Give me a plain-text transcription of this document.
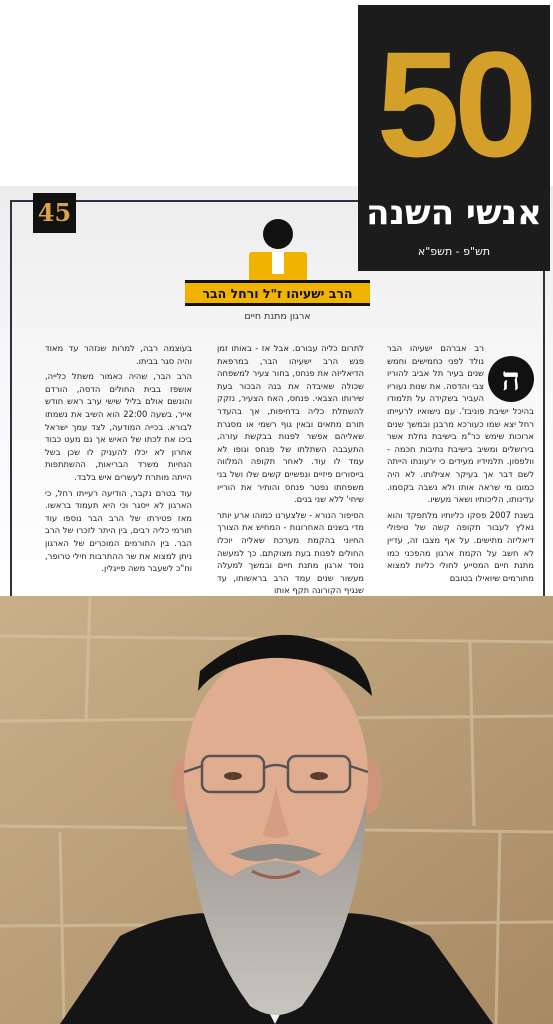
45
50
אנשי השנה
תש"פ - תשפ"א
הרב ישעיהו ז"ל ורחל הבר
ארגון מתנת חיים
ה

רב אברהם ישעיהו הבר נולד לפני כחמישים וחמש שנים בעיר תל אביב להוריו צבי והדסה. את שנות נעוריו העביר בשקידה על תלמודו בהיכל ישיבת פוניבז'. עם נישואיו לרעייתו רחל יצא שמו כעורכא מרבנן ובמשך שנים ארוכות שימש כר"מ בישיבת נחלת אשר בירושלים ומשיב בישיבת נתיבות חכמה - וולפסון. תלמידיו מעידים כי ירעונתו הייתה לשם דבר אך בעיקר אצילותו. לא היה כמונו מי שראה אותו ולא נשבה בקסמו. עדינותו, הליכותיו ושאר מעשיו.

בשנת 2007 פסקו כליותיו מלתפקד והוא נאלץ לעבור תקופה קשה של טיפולי דיאליזה מתישים. על אף מצבו זה, עדיין לא חשב על הקמת ארגון מהפכני כמו מתנת חיים המסייע לחולי כליות למצוא מתורמים שיואילו בטובם

לתרום כליה עבורם. אבל אז - באותו זמן פגש הרב ישעיהו הבר, במרפאת הדיאליזה את פנחס, בחור צעיר למשפחה שכולה שאיבדה את בנה הבכור בעת שירותו הצבאי. פנחס, האח הצעיר, נזקק להשתלת כליה בדחיפות, אך בהעדר תורם מתאים ובאין גוף רשמי או מסגרת שאליהם אפשר לפנות בבקשת עזרה, התעבבה השתלתו של פנחס וגופו לא עמד לו עוד. לאחר תקופה המלווה בייסורים פיזיים ונפשיים קשים שלו ושל בני משפחתו נפטר פנחס והותיר את הורייו שיחי' ללא שני בנים.

הסיפור הנורא - שלצערנו כמוהו ארע יותר מדי בשנים האחרונות - המחיש את הצורך החיוני בהקמת מערכת שאליה יוכלו החולים לפנות בעת מצוקתם. כך למעשה נוסד ארגון מתנת חיים ובמשך למעלה מעשור שנים עמד הרב בראשותו, עד שנגיף הקורונה תקף אותו

בעוצמה רבה, למרות שנזהר עד מאוד והיה סגר בביתו.

הרב הבר, שהיה כאמור משתל כלייה, אושפז בבית החולים הדסה, הורדם והונשם אולם בליל שישי ערב ראש חודש אייר, בשעה 22:00 הוא השיב את נשמתו לבורא. בכייה המודעה, לצד עמך ישראל ביכו את לכתו של האיש אך גם מעט כבוד אחרון לא יכלו להעניק לו שכן בשל הנחיות משרד הבריאות, ההשתתפות הייתה מותרת לעשרים איש בלבד.

עוד בטרם נקבר, הודיעה רעייתו רחל, כי הארגון לא ייסגר וכי היא תעמוד בראשו. מאז פטירתו של הרב הבר נוספו עוד תורמי כליה רבים, בין היתר לזכרו של הרב הבר. בין התורמים המוכרים של הארגון ניתן למצוא את שר ההתרבות חילי טרופר, וח"כ לשעבר משה פייגלין.
